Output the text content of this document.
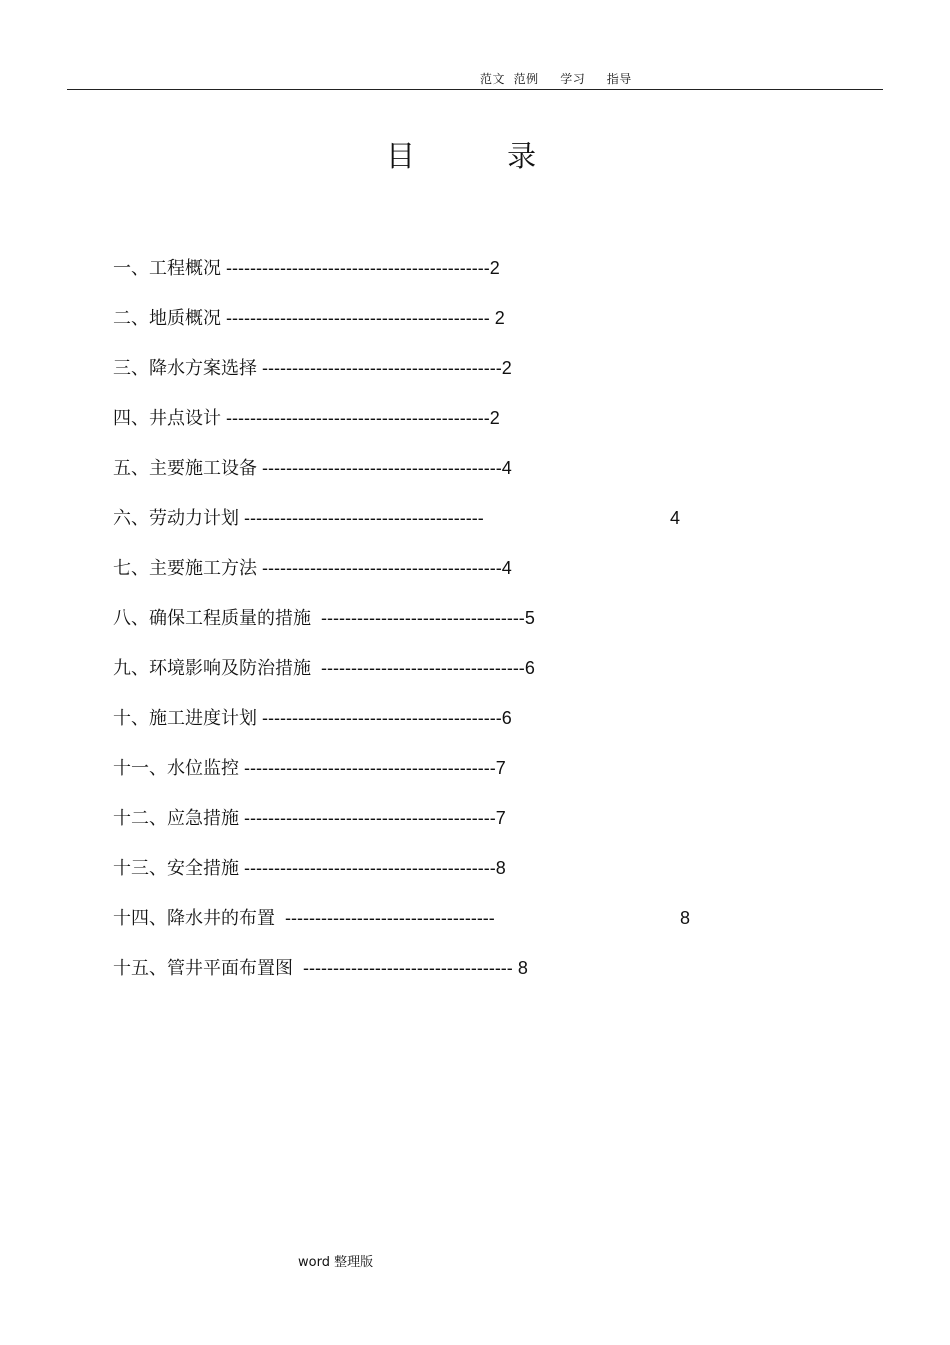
范文  范例     学习     指导
目          录
一、工程概况 --------------------------------------------2
二、地质概况 -------------------------------------------- 2
三、降水方案选择 ----------------------------------------2
四、井点设计 --------------------------------------------2
五、主要施工设备 ----------------------------------------4
六、劳动力计划 ----------------------------------------	4
七、主要施工方法 ----------------------------------------4
八、确保工程质量的措施  ----------------------------------5
九、环境影响及防治措施  ----------------------------------6
十、施工进度计划 ----------------------------------------6
十一、水位监控 ------------------------------------------7
十二、应急措施 ------------------------------------------7
十三、安全措施 ------------------------------------------8
十四、降水井的布置  -----------------------------------	8
十五、管井平面布置图  ----------------------------------- 8
word 整理版
